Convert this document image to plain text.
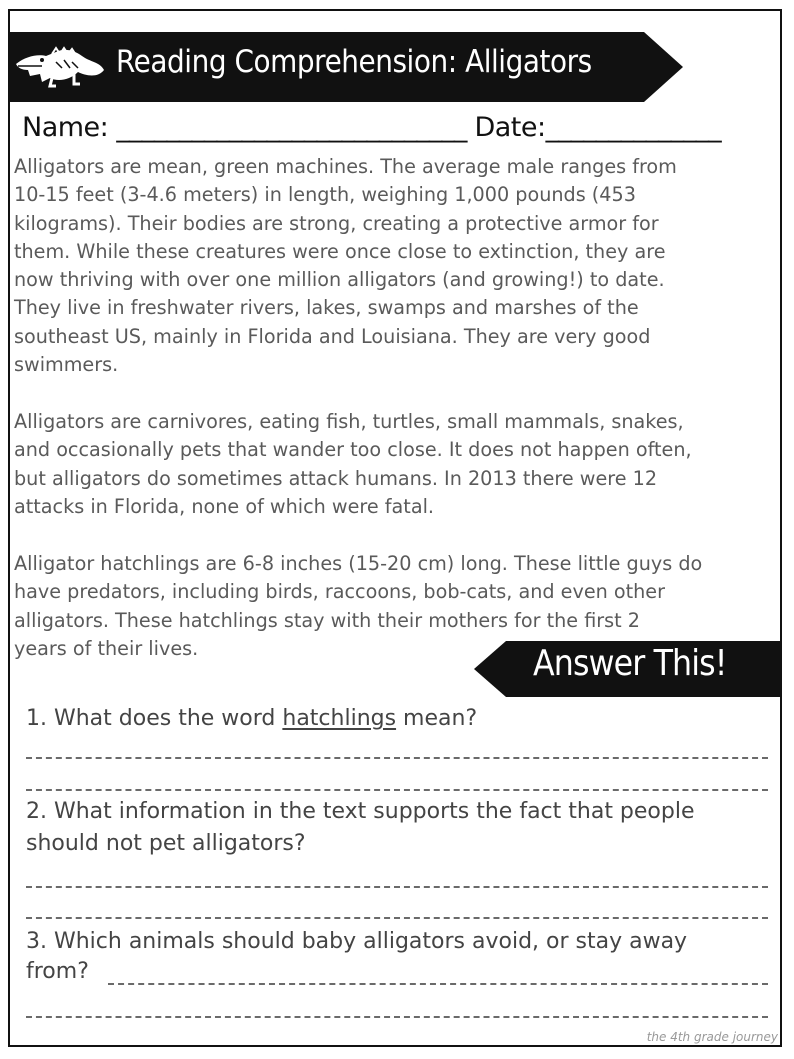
Reading Comprehension: Alligators
Name: ____________________________ Date:______________

Alligators are mean, green machines. The average male ranges from

10-15 feet (3-4.6 meters) in length, weighing 1,000 pounds (453

kilograms). Their bodies are strong, creating a protective armor for

them. While these creatures were once close to extinction, they are

now thriving with over one million alligators (and growing!) to date.

They live in freshwater rivers, lakes, swamps and marshes of the

southeast US, mainly in Florida and Louisiana. They are very good

swimmers.

Alligators are carnivores, eating fish, turtles, small mammals, snakes,

and occasionally pets that wander too close. It does not happen often,

but alligators do sometimes attack humans. In 2013 there were 12

attacks in Florida, none of which were fatal.

Alligator hatchlings are 6-8 inches (15-20 cm) long. These little guys do

have predators, including birds, raccoons, bob-cats, and even other

alligators. These hatchlings stay with their mothers for the first 2

years of their lives.	Answer This!
1. What does the word hatchlings mean?
2. What information in the text supports the fact that people
should not pet alligators?
3. Which animals should baby alligators avoid, or stay away
from?
the 4th grade journey
